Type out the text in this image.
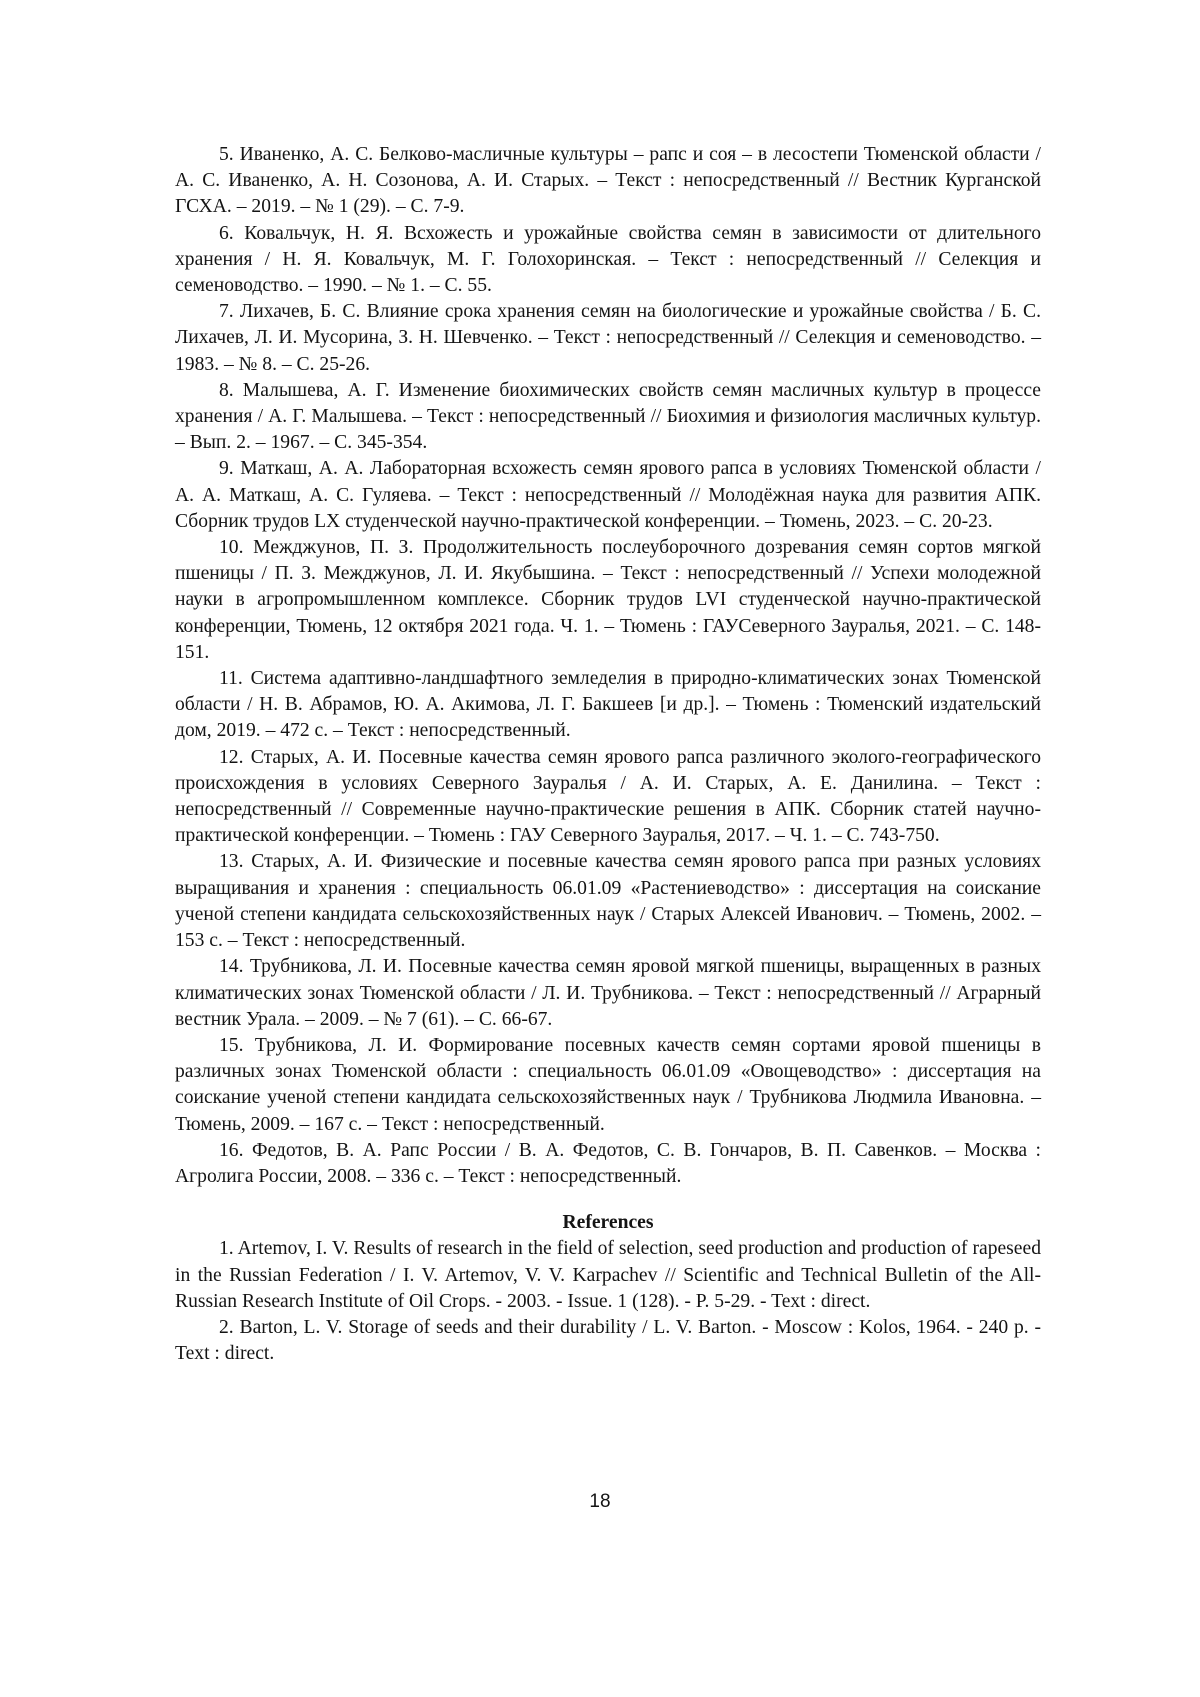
5. Иваненко, А. С. Белково-масличные культуры – рапс и соя – в лесостепи Тюменской области / А. С. Иваненко, А. Н. Созонова, А. И. Старых. – Текст : непосредственный // Вестник Курганской ГСХА. – 2019. – № 1 (29). – С. 7-9.

6. Ковальчук, Н. Я. Всхожесть и урожайные свойства семян в зависимости от длительного хранения / Н. Я. Ковальчук, М. Г. Голохоринская. – Текст : непосредственный // Селекция и семеноводство. – 1990. – № 1. – С. 55.

7. Лихачев, Б. С. Влияние срока хранения семян на биологические и урожайные свойства / Б. С. Лихачев, Л. И. Мусорина, З. Н. Шевченко. – Текст : непосредственный // Селекция и семеноводство. – 1983. – № 8. – С. 25-26.

8. Малышева, А. Г. Изменение биохимических свойств семян масличных культур в процессе хранения / А. Г. Малышева. – Текст : непосредственный // Биохимия и физиология масличных культур. – Вып. 2. – 1967. – С. 345-354.

9. Маткаш, А. А. Лабораторная всхожесть семян ярового рапса в условиях Тюменской области / А. А. Маткаш, А. С. Гуляева. – Текст : непосредственный // Молодёжная наука для развития АПК. Сборник трудов LX студенческой научно-практической конференции. – Тюмень, 2023. – С. 20-23.

10. Межджунов, П. З. Продолжительность послеуборочного дозревания семян сортов мягкой пшеницы / П. З. Межджунов, Л. И. Якубышина. – Текст : непосредственный // Успехи молодежной науки в агропромышленном комплексе. Сборник трудов LVI студенческой научно-практической конференции, Тюмень, 12 октября 2021 года. Ч. 1. – Тюмень : ГАУСеверного Зауралья, 2021. – С. 148-151.

11. Система адаптивно-ландшафтного земледелия в природно-климатических зонах Тюменской области / Н. В. Абрамов, Ю. А. Акимова, Л. Г. Бакшеев [и др.]. – Тюмень : Тюменский издательский дом, 2019. – 472 с. – Текст : непосредственный.

12. Старых, А. И. Посевные качества семян ярового рапса различного эколого-географического происхождения в условиях Северного Зауралья / А. И. Старых, А. Е. Данилина. – Текст : непосредственный // Современные научно-практические решения в АПК. Сборник статей научно-практической конференции. – Тюмень : ГАУ Северного Зауралья, 2017. – Ч. 1. – С. 743-750.

13. Старых, А. И. Физические и посевные качества семян ярового рапса при разных условиях выращивания и хранения : специальность 06.01.09 «Растениеводство» : диссертация на соискание ученой степени кандидата сельскохозяйственных наук / Старых Алексей Иванович. – Тюмень, 2002. – 153 с. – Текст : непосредственный.

14. Трубникова, Л. И. Посевные качества семян яровой мягкой пшеницы, выращенных в разных климатических зонах Тюменской области / Л. И. Трубникова. – Текст : непосредственный // Аграрный вестник Урала. – 2009. – № 7 (61). – С. 66-67.

15. Трубникова, Л. И. Формирование посевных качеств семян сортами яровой пшеницы в различных зонах Тюменской области : специальность 06.01.09 «Овощеводство» : диссертация на соискание ученой степени кандидата сельскохозяйственных наук / Трубникова Людмила Ивановна. – Тюмень, 2009. – 167 с. – Текст : непосредственный.

16. Федотов, В. А. Рапс России / В. А. Федотов, С. В. Гончаров, В. П. Савенков. – Москва : Агролига России, 2008. – 336 с. – Текст : непосредственный.

References

1. Artemov, I. V. Results of research in the field of selection, seed production and production of rapeseed in the Russian Federation / I. V. Artemov, V. V. Karpachev // Scientific and Technical Bulletin of the All-Russian Research Institute of Oil Crops. - 2003. - Issue. 1 (128). - P. 5-29. - Text : direct.

2. Barton, L. V. Storage of seeds and their durability / L. V. Barton. - Moscow : Kolos, 1964. - 240 p. - Text : direct.

18
